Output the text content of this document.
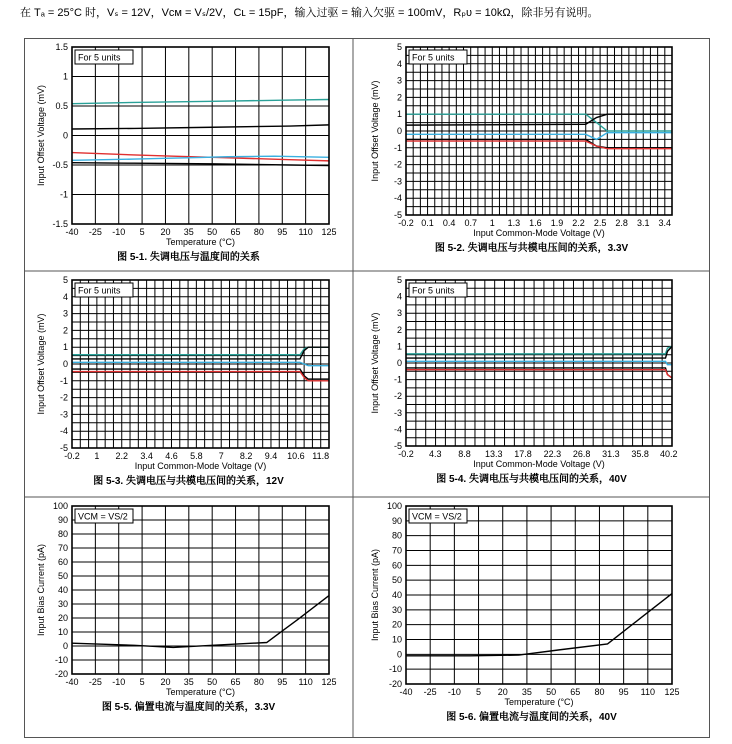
在 Tₐ = 25°C 时，Vₛ = 12V，Vᴄᴍ = Vₛ/2V，Cʟ = 15pF，输入过驱 = 输入欠驱 = 100mV，Rₚᴜ = 10kΩ，除非另有说明。
For 5 units
-40 -25 -10 5 20 35 50 65 80 95 110 125
-1.5
-1
-0.5
0
0.5
1
1.5
Temperature (°C)
Input Offset Voltage (mV)
图 5-1. 失调电压与温度间的关系
For 5 units
-0.2 0.1 0.4 0.7 1 1.3 1.6 1.9 2.2 2.5 2.8 3.1 3.4
-5
-4
-3
-2
-1
0
1
2
3
4
5
Input Common-Mode Voltage (V)
Input Offset Voltage (mV)
图 5-2. 失调电压与共模电压间的关系，3.3V
For 5 units
-0.2 1 2.2 3.4 4.6 5.8 7 8.2 9.4 10.6 11.8
-5
-4
-3
-2
-1
0
1
2
3
4
5
Input Common-Mode Voltage (V)
Input Offset Voltage (mV)
图 5-3. 失调电压与共模电压间的关系，12V
For 5 units
-0.2 4.3 8.8 13.3 17.8 22.3 26.8 31.3 35.8 40.2
-5
-4
-3
-2
-1
0
1
2
3
4
5
Input Common-Mode Voltage (V)
Input Offset Voltage (mV)
图 5-4. 失调电压与共模电压间的关系，40V
VCM = VS/2
-40 -25 -10 5 20 35 50 65 80 95 110 125
-20
-10
0
10
20
30
40
50
60
70
80
90
100
Temperature (°C)
Input Bias Current (pA)
图 5-5. 偏置电流与温度间的关系，3.3V
VCM = VS/2
-40 -25 -10 5 20 35 50 65 80 95 110 125
-20
-10
0
10
20
30
40
50
60
70
80
90
100
Temperature (°C)
Input Bias Current (pA)
图 5-6. 偏置电流与温度间的关系，40V
